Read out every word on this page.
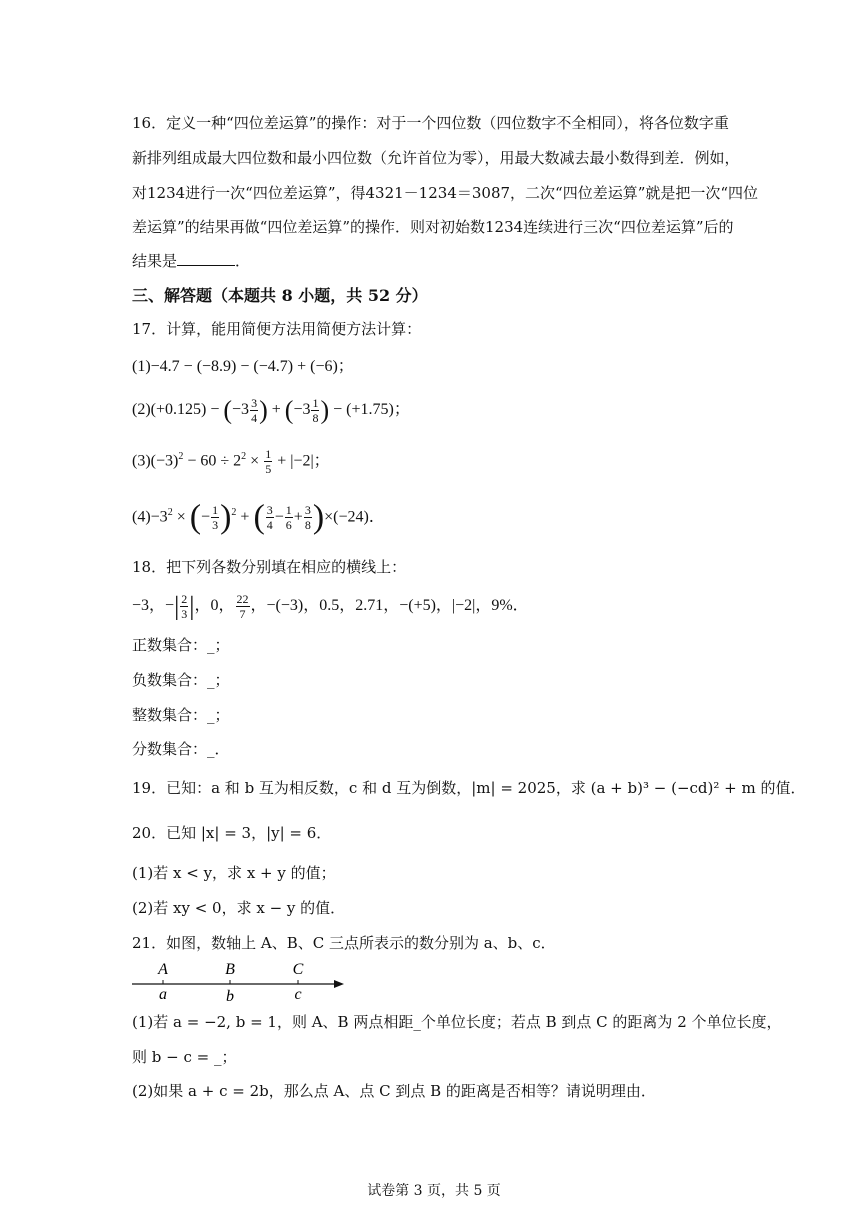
16．定义一种“四位差运算”的操作：对于一个四位数（四位数字不全相同），将各位数字重
新排列组成最大四位数和最小四位数（允许首位为零），用最大数减去最小数得到差．例如，
对1234进行一次“四位差运算”，得4321－1234＝3087，二次“四位差运算”就是把一次“四位
差运算”的结果再做“四位差运算”的操作．则对初始数1234连续进行三次“四位差运算”后的
结果是	．
三、解答题（本题共 8 小题，共 52 分）
17．计算，能用简便方法用简便方法计算：
(1)−4.7 − (−8.9) − (−4.7) + (−6)；
$(2)(+0.125) - (-3 \frac{3}{4}$ ) + ($-3 \frac{1}{8}$ ) − (+1.75)；
$(3)(-3)^2 - 60 \div 2^2 \times \frac{1}{5} + |-2|$；
$(4)-3^2$ × (− $\frac{1}{3} )^2$ + ( $\frac{3}{4} - \frac{1}{6} + \frac{3}{8} )\times(-24)$．
18．把下列各数分别填在相应的横线上：
−3，−| $\frac{2}{3}$ |，0， $\frac{22}{7}$ ，−(−3)，0.5，2.71，−(+5)，|−2|，9%．
正数集合：_；
负数集合：_；
整数集合：_；
分数集合：_．
19．已知：a 和 b 互为相反数，c 和 d 互为倒数，|m| = 2025，求 (a + b)³ − (−cd)² + m 的值．
20．已知 |x| = 3，|y| = 6．
(1)若 x < y，求 x + y 的值；
(2)若 xy < 0，求 x − y 的值．
21．如图，数轴上 A、B、C 三点所表示的数分别为 a、b、c．
A	B	C
a	b	c
(1)若 a = −2, b = 1，则 A、B 两点相距_个单位长度；若点 B 到点 C 的距离为 2 个单位长度，
则 b − c = _；
(2)如果 a + c = 2b，那么点 A、点 C 到点 B 的距离是否相等？请说明理由．
试卷第 3 页，共 5 页
